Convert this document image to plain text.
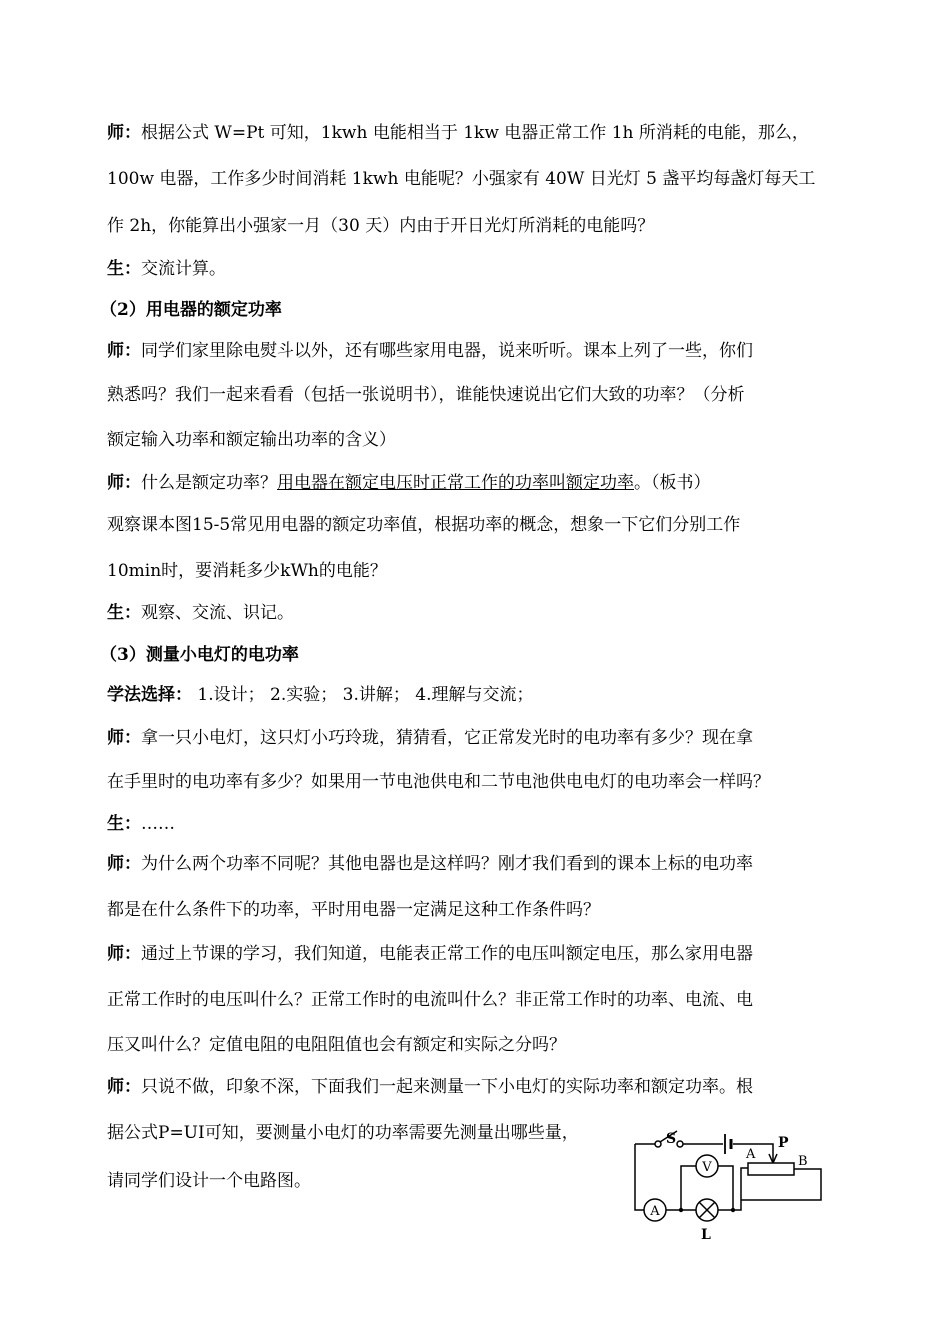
师：根据公式 W=Pt 可知，1kwh 电能相当于 1kw 电器正常工作 1h 所消耗的电能，那么，
100w 电器，工作多少时间消耗 1kwh 电能呢？小强家有 40W 日光灯 5 盏平均每盏灯每天工
作 2h，你能算出小强家一月（30 天）内由于开日光灯所消耗的电能吗？
生：交流计算。
（2）用电器的额定功率
师：同学们家里除电熨斗以外，还有哪些家用电器，说来听听。课本上列了一些，你们
熟悉吗？我们一起来看看（包括一张说明书），谁能快速说出它们大致的功率？（分析
额定输入功率和额定输出功率的含义）
师：什么是额定功率？用电器在额定电压时正常工作的功率叫额定功率。（板书）
观察课本图15-5常见用电器的额定功率值，根据功率的概念，想象一下它们分别工作
10min时，要消耗多少kWh的电能？
生：观察、交流、识记。
（3）测量小电灯的电功率
学法选择： 1.设计； 2.实验； 3.讲解； 4.理解与交流；
师：拿一只小电灯，这只灯小巧玲珑，猜猜看，它正常发光时的电功率有多少？现在拿
在手里时的电功率有多少？如果用一节电池供电和二节电池供电电灯的电功率会一样吗？
生：……
师：为什么两个功率不同呢？其他电器也是这样吗？刚才我们看到的课本上标的电功率
都是在什么条件下的功率，平时用电器一定满足这种工作条件吗？
师：通过上节课的学习，我们知道，电能表正常工作的电压叫额定电压，那么家用电器
正常工作时的电压叫什么？正常工作时的电流叫什么？非正常工作时的功率、电流、电
压又叫什么？定值电阻的电阻阻值也会有额定和实际之分吗？
师：只说不做，印象不深，下面我们一起来测量一下小电灯的实际功率和额定功率。根
据公式P=UI可知，要测量小电灯的功率需要先测量出哪些量，
请同学们设计一个电路图。
S	P
L
A	B
A
V
